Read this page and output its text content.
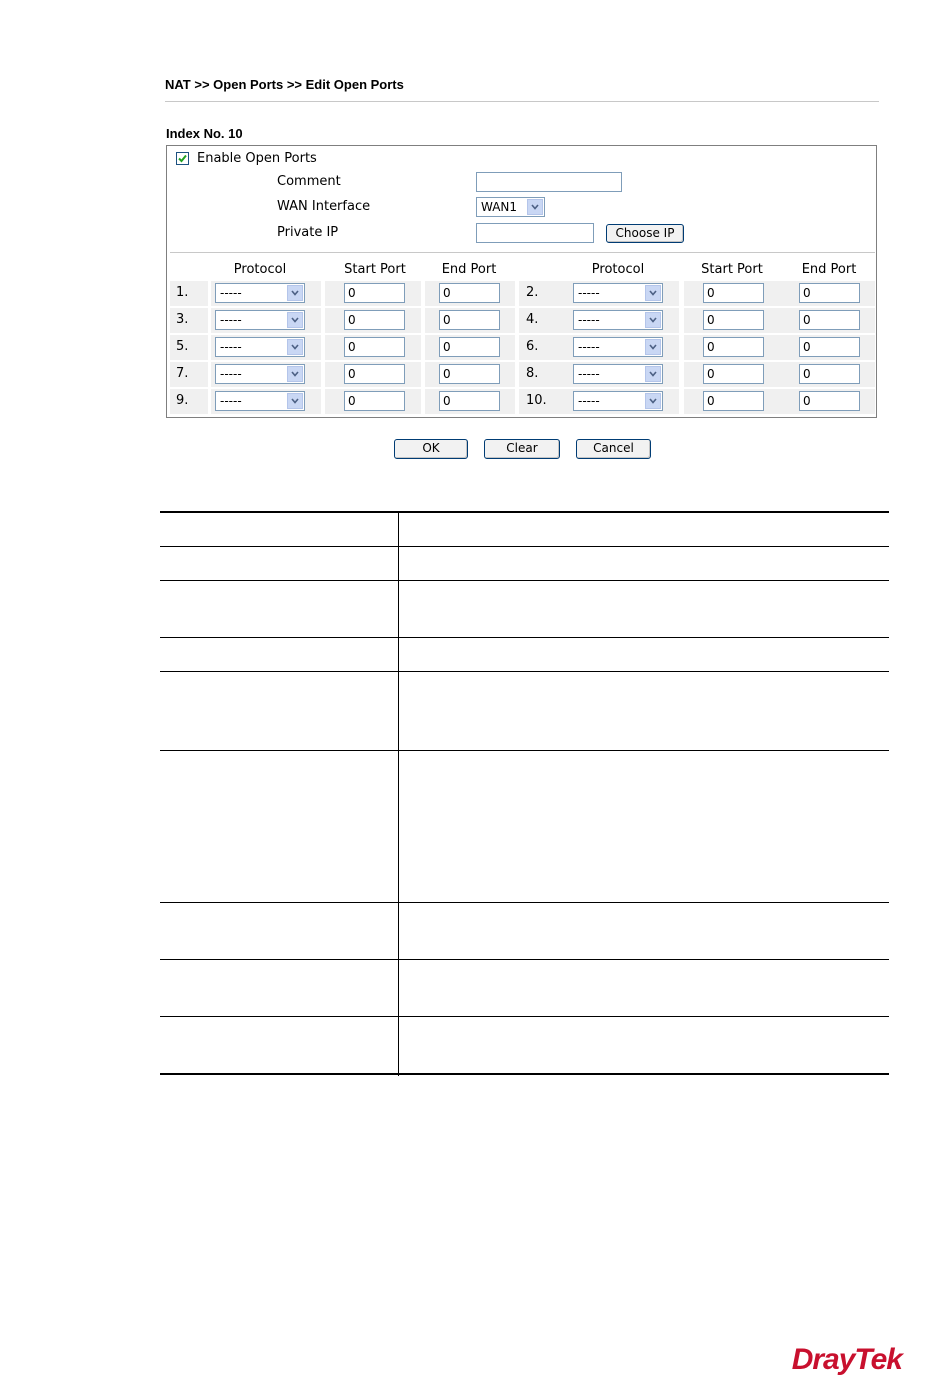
NAT >> Open Ports >> Edit Open Ports
Index No. 10
Enable Open Ports
Comment
WAN Interface	WAN1
Private IP	Choose IP
Protocol	Start Port	End Port	Protocol	Start Port	End Port
1.	-----	0	0	2.	-----	0	0
3.	-----	0	0	4.	-----	0	0
5.	-----	0	0	6.	-----	0	0
7.	-----	0	0	8.	-----	0	0
9.	-----	0	0	10.	-----	0	0
OK	Clear	Cancel
DrayTek
